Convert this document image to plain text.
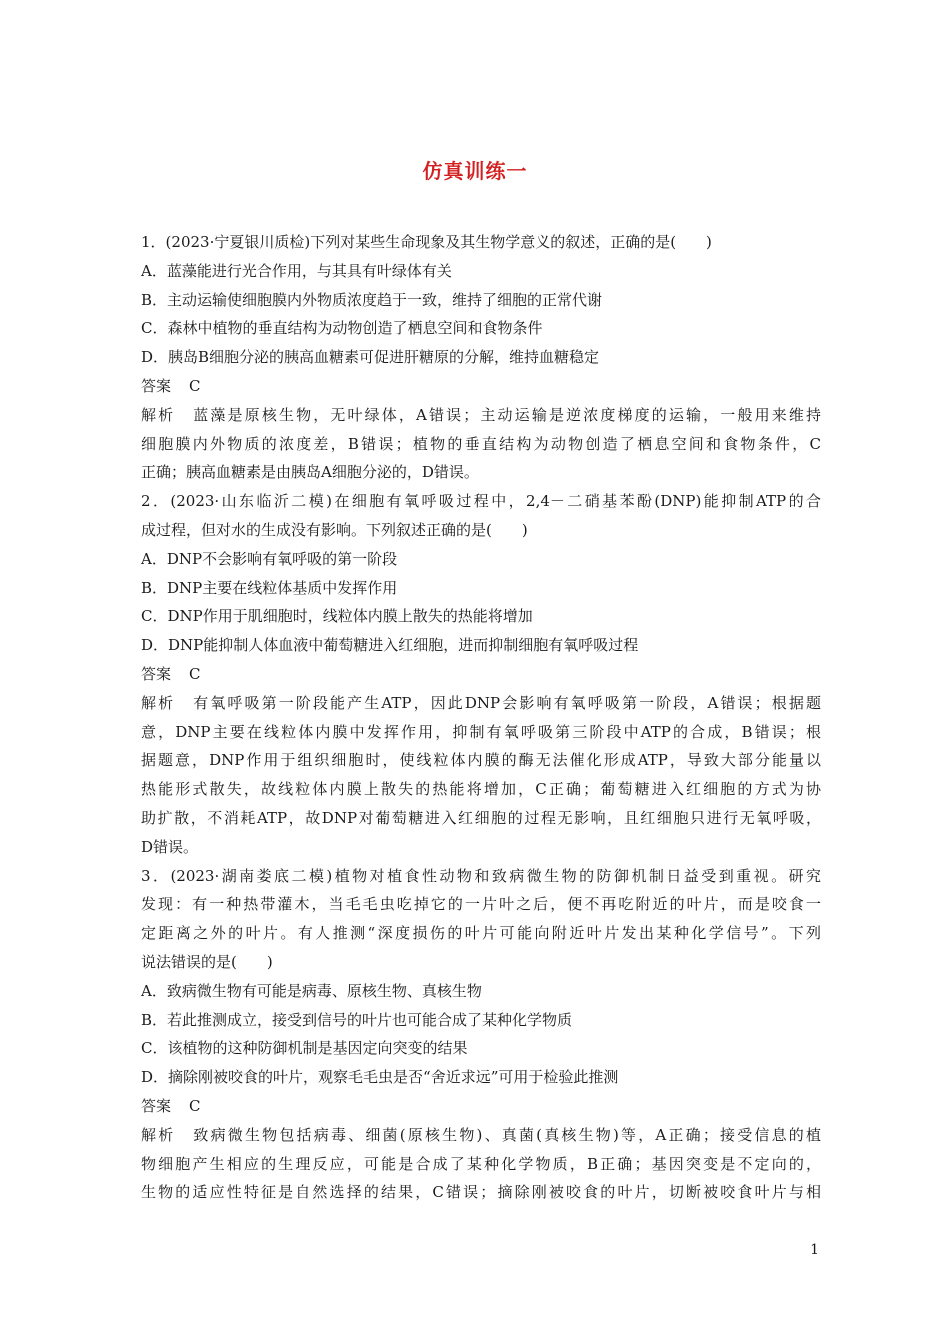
仿真训练一
1．(2023·宁夏银川质检)下列对某些生命现象及其生物学意义的叙述，正确的是(　　)
A．蓝藻能进行光合作用，与其具有叶绿体有关
B．主动运输使细胞膜内外物质浓度趋于一致，维持了细胞的正常代谢
C．森林中植物的垂直结构为动物创造了栖息空间和食物条件
D．胰岛B细胞分泌的胰高血糖素可促进肝糖原的分解，维持血糖稳定
答案 C
解析 蓝藻是原核生物，无叶绿体，A错误；主动运输是逆浓度梯度的运输，一般用来维持
细胞膜内外物质的浓度差，B错误；植物的垂直结构为动物创造了栖息空间和食物条件，C
正确；胰高血糖素是由胰岛A细胞分泌的，D错误。
2．(2023·山东临沂二模)在细胞有氧呼吸过程中，2,4－二硝基苯酚(DNP)能抑制ATP的合
成过程，但对水的生成没有影响。下列叙述正确的是(　　)
A．DNP不会影响有氧呼吸的第一阶段
B．DNP主要在线粒体基质中发挥作用
C．DNP作用于肌细胞时，线粒体内膜上散失的热能将增加
D．DNP能抑制人体血液中葡萄糖进入红细胞，进而抑制细胞有氧呼吸过程
答案 C
解析 有氧呼吸第一阶段能产生ATP，因此DNP会影响有氧呼吸第一阶段，A错误；根据题
意，DNP主要在线粒体内膜中发挥作用，抑制有氧呼吸第三阶段中ATP的合成，B错误；根
据题意，DNP作用于组织细胞时，使线粒体内膜的酶无法催化形成ATP，导致大部分能量以
热能形式散失，故线粒体内膜上散失的热能将增加，C正确；葡萄糖进入红细胞的方式为协
助扩散，不消耗ATP，故DNP对葡萄糖进入红细胞的过程无影响，且红细胞只进行无氧呼吸，
D错误。
3．(2023·湖南娄底二模)植物对植食性动物和致病微生物的防御机制日益受到重视。研究
发现：有一种热带灌木，当毛毛虫吃掉它的一片叶之后，便不再吃附近的叶片，而是咬食一
定距离之外的叶片。有人推测“深度损伤的叶片可能向附近叶片发出某种化学信号”。下列
说法错误的是(　　)
A．致病微生物有可能是病毒、原核生物、真核生物
B．若此推测成立，接受到信号的叶片也可能合成了某种化学物质
C．该植物的这种防御机制是基因定向突变的结果
D．摘除刚被咬食的叶片，观察毛毛虫是否“舍近求远”可用于检验此推测
答案 C
解析 致病微生物包括病毒、细菌(原核生物)、真菌(真核生物)等，A正确；接受信息的植
物细胞产生相应的生理反应，可能是合成了某种化学物质，B正确；基因突变是不定向的，
生物的适应性特征是自然选择的结果，C错误；摘除刚被咬食的叶片，切断被咬食叶片与相
1
